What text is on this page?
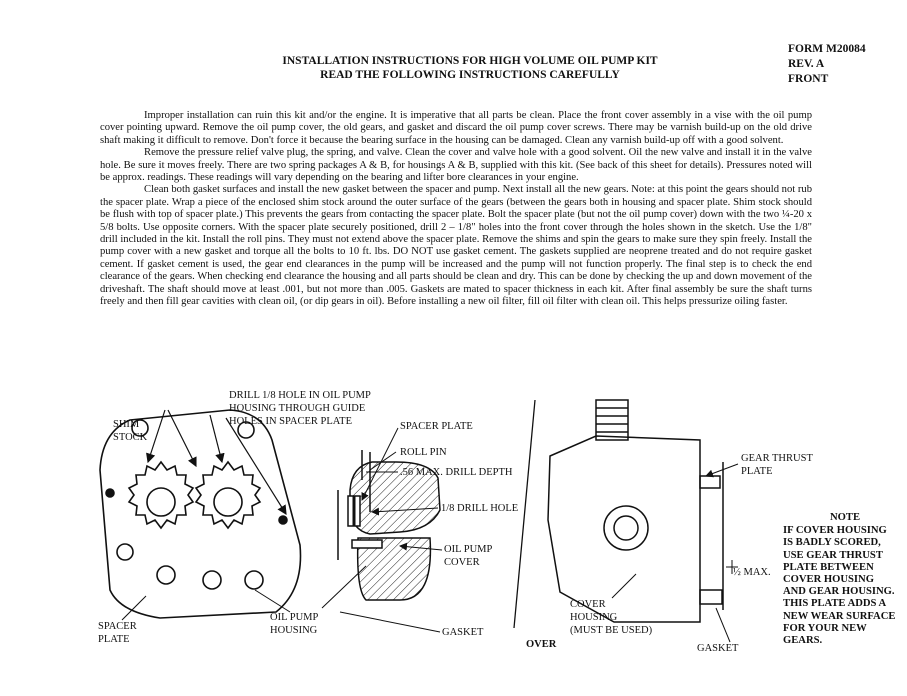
FORM M20084
REV. A
FRONT
INSTALLATION INSTRUCTIONS FOR HIGH VOLUME OIL PUMP KIT
READ THE FOLLOWING INSTRUCTIONS CAREFULLY

Improper installation can ruin this kit and/or the engine. It is imperative that all parts be clean. Place the front cover assembly in a vise with the oil pump cover pointing upward. Remove the oil pump cover, the old gears, and gasket and discard the oil pump cover screws. There may be varnish build-up on the old drive shaft making it difficult to remove. Don't force it because the bearing surface in the housing can be damaged. Clean any varnish build-up off with a good solvent.

Remove the pressure relief valve plug, the spring, and valve. Clean the cover and valve hole with a good solvent. Oil the new valve and install it in the valve hole. Be sure it moves freely. There are two spring packages A & B, for housings A & B, supplied with this kit. (See back of this sheet for details). Pressures noted will be approx. readings. These readings will vary depending on the bearing and lifter bore clearances in your engine.

Clean both gasket surfaces and install the new gasket between the spacer and pump. Next install all the new gears. Note: at this point the gears should not rub the spacer plate. Wrap a piece of the enclosed shim stock around the outer surface of the gears (between the gears both in housing and spacer plate. Shim stock should be flush with top of spacer plate.) This prevents the gears from contacting the spacer plate. Bolt the spacer plate (but not the oil pump cover) down with the two ¼-20 x 5/8 bolts. Use opposite corners. With the spacer plate securely positioned, drill 2 – 1/8" holes into the front cover through the holes shown in the sketch. Use the 1/8" drill included in the kit. Install the roll pins. They must not extend above the spacer plate. Remove the shims and spin the gears to make sure they spin freely. Install the pump cover with a new gasket and torque all the bolts to 10 ft. lbs. DO NOT use gasket cement. The gaskets supplied are neoprene treated and do not require gasket cement. If gasket cement is used, the gear end clearances in the pump will be increased and the pump will not function properly. The final step is to check the end clearance of the gears. When checking end clearance the housing and all parts should be clean and dry. This can be done by checking the up and down movement of the driveshaft. The shaft should move at least .001, but not more than .005. Gaskets are mated to spacer thickness in each kit. After final assembly be sure the shaft turns freely and then fill gear cavities with clean oil, (or dip gears in oil). Before installing a new oil filter, fill oil filter with clean oil. This helps pressurize oiling faster.

SHIM
STOCK
DRILL 1/8 HOLE IN OIL PUMP
HOUSING THROUGH GUIDE
HOLES IN SPACER PLATE
SPACER
PLATE
OIL PUMP
HOUSING
SPACER PLATE
ROLL PIN
.56 MAX. DRILL DEPTH
1/8 DRILL HOLE
OIL PUMP
COVER
GASKET
GEAR THRUST
PLATE
½ MAX.
COVER
HOUSING
(MUST BE USED)
GASKET
OVER
NOTE
IF COVER HOUSING
IS BADLY SCORED,
USE GEAR THRUST
PLATE BETWEEN
COVER HOUSING
AND GEAR HOUSING.
THIS PLATE ADDS A
NEW WEAR SURFACE
FOR YOUR NEW
GEARS.
